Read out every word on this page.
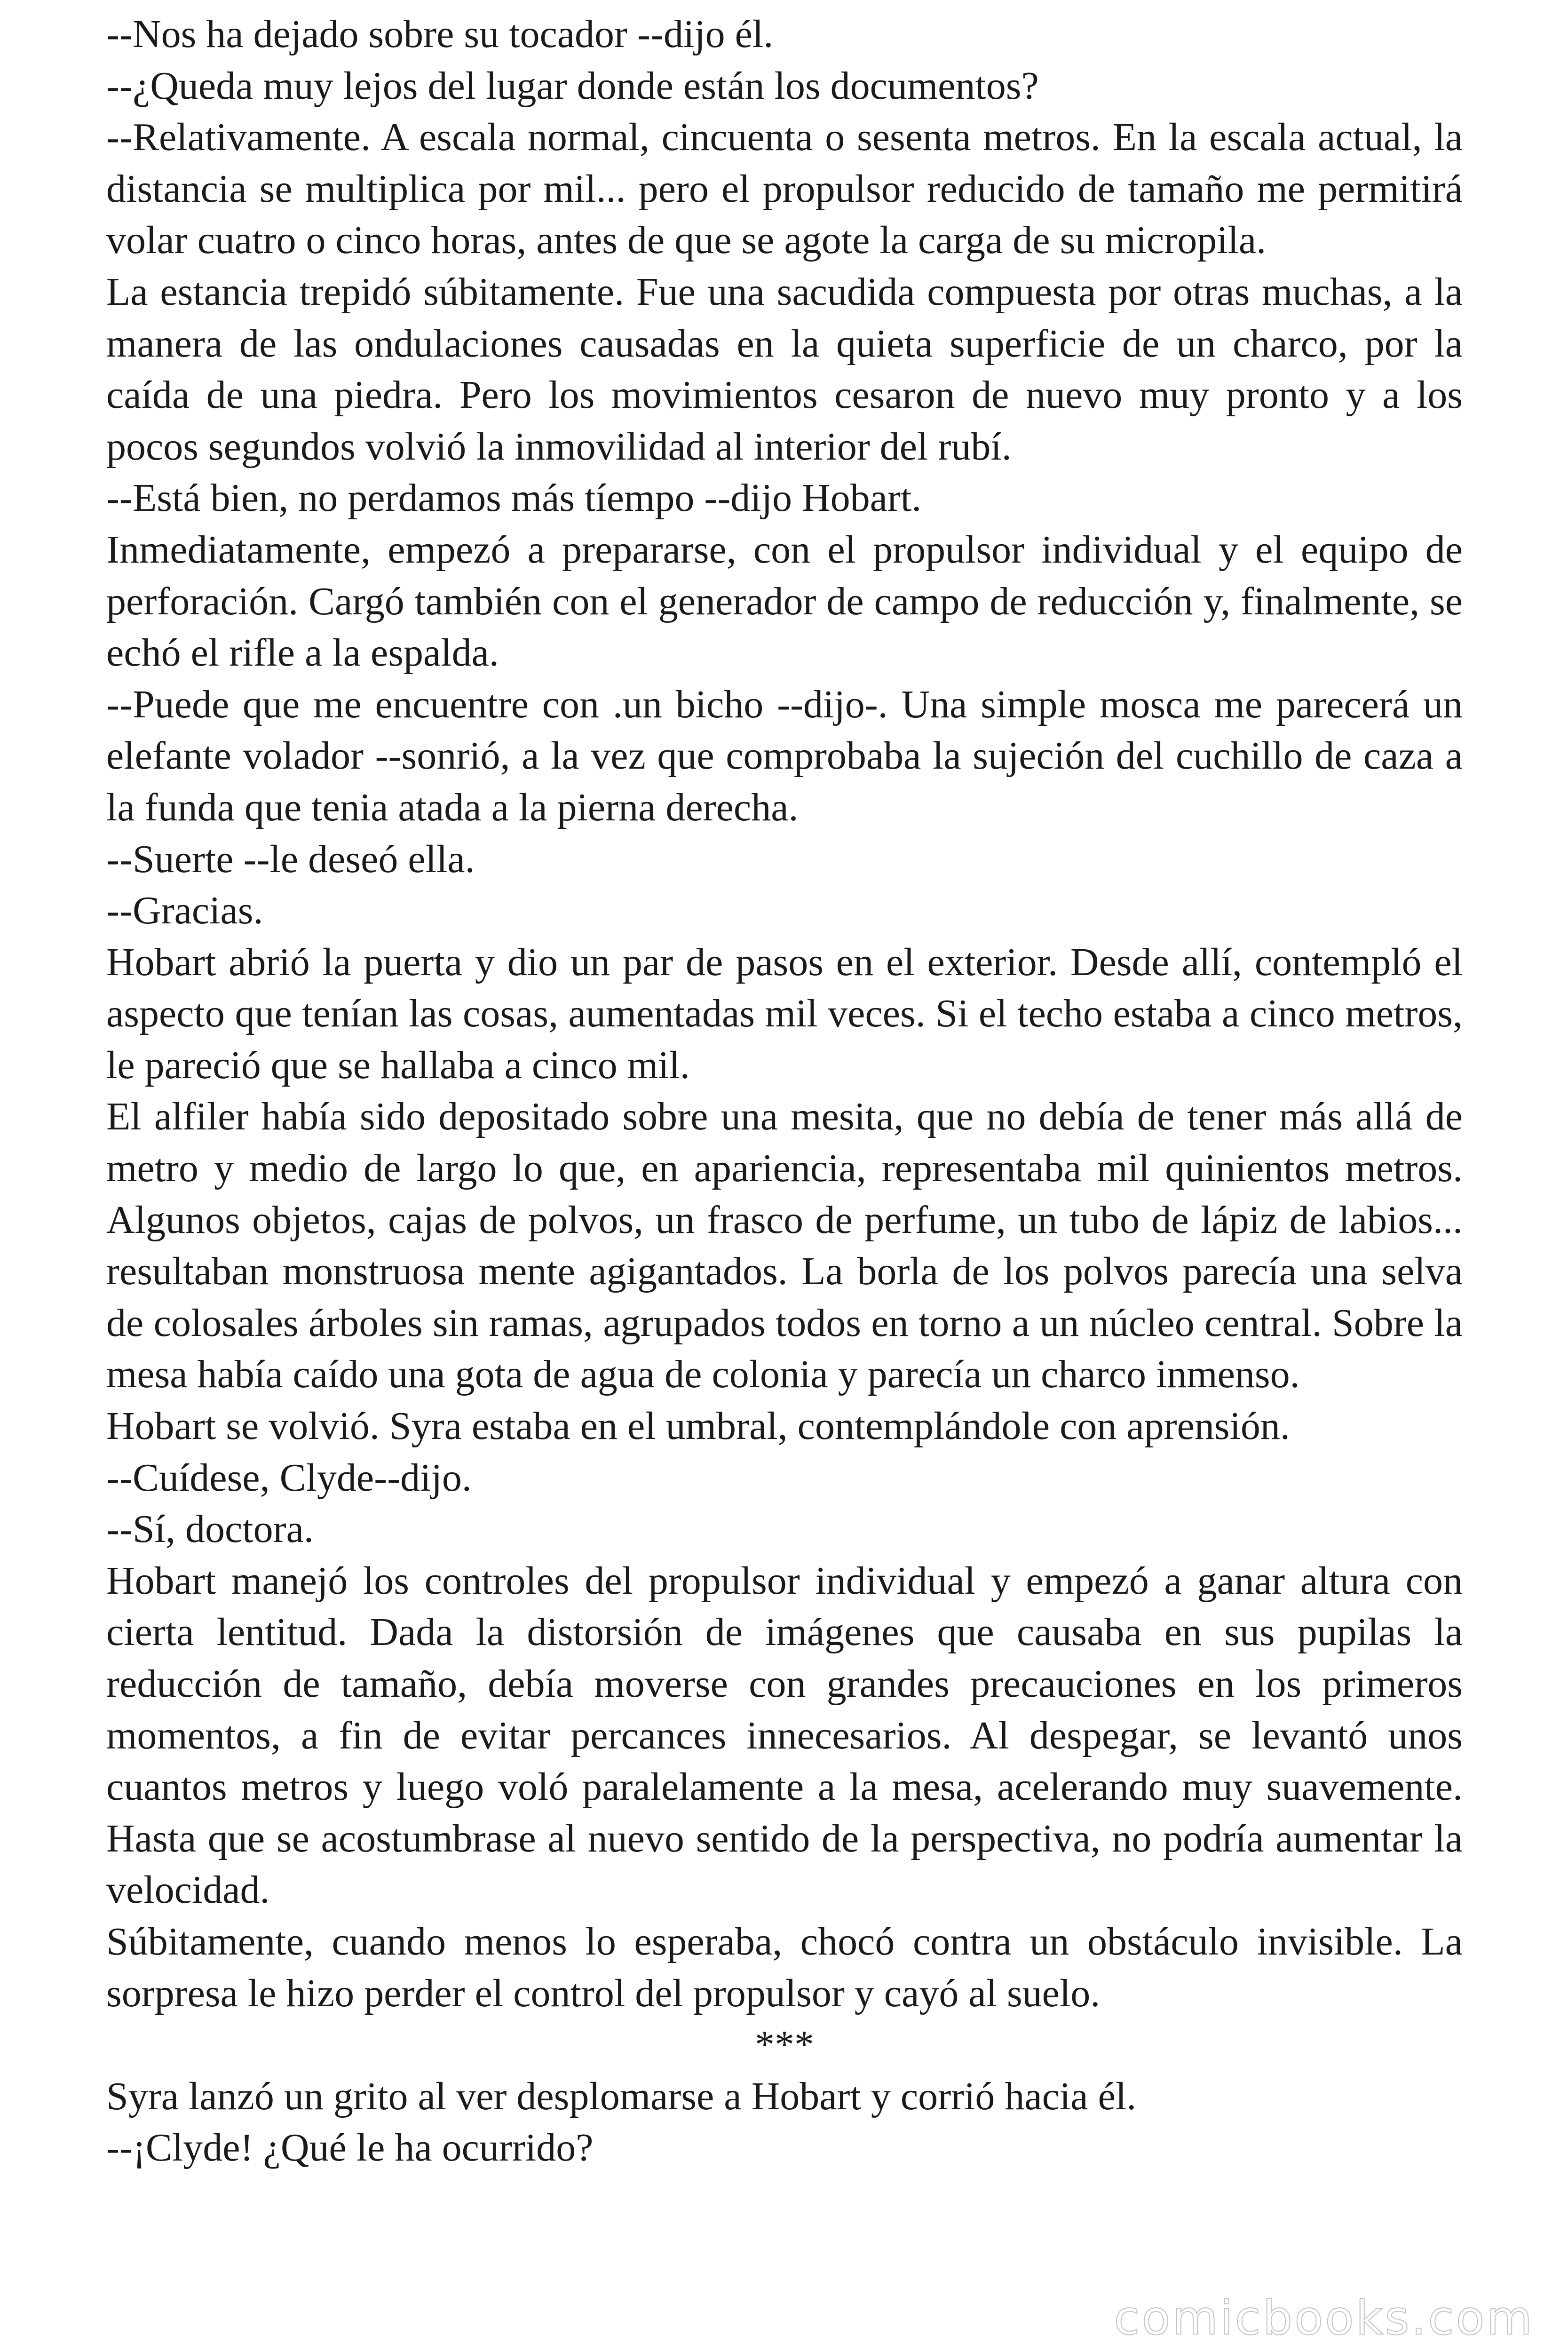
--Nos ha dejado sobre su tocador --dijo él.

--¿Queda muy lejos del lugar donde están los documentos?

--Relativamente. A escala normal, cincuenta o sesenta metros. En la escala actual, la distancia se multiplica por mil... pero el propulsor reducido de tamaño me permitirá volar cuatro o cinco horas, antes de que se agote la carga de su micropila.

La estancia trepidó súbitamente. Fue una sacudida compuesta por otras muchas, a la manera de las ondulaciones causadas en la quieta superficie de un charco, por la caída de una piedra. Pero los movimientos cesaron de nuevo muy pronto y a los pocos segundos volvió la inmovilidad al interior del rubí.

--Está bien, no perdamos más tíempo --dijo Hobart.

Inmediatamente, empezó a prepararse, con el propulsor individual y el equipo de perforación. Cargó también con el generador de campo de reducción y, finalmente, se echó el rifle a la espalda.

--Puede que me encuentre con .un bicho --dijo-. Una simple mosca me parecerá un elefante volador --sonrió, a la vez que comprobaba la sujeción del cuchillo de caza a la funda que tenia atada a la pierna derecha.

--Suerte --le deseó ella.

--Gracias.

Hobart abrió la puerta y dio un par de pasos en el exterior. Desde allí, contempló el aspecto que tenían las cosas, aumentadas mil veces. Si el techo estaba a cinco metros, le pareció que se hallaba a cinco mil.

El alfiler había sido depositado sobre una mesita, que no debía de tener más allá de metro y medio de largo lo que, en apariencia, representaba mil quinientos metros. Algunos objetos, cajas de polvos, un frasco de perfume, un tubo de lápiz de labios... resultaban monstruosa mente agigantados. La borla de los polvos parecía una selva de colosales árboles sin ramas, agrupados todos en torno a un núcleo central. Sobre la mesa había caído una gota de agua de colonia y parecía un charco inmenso.

Hobart se volvió. Syra estaba en el umbral, contemplándole con aprensión.

--Cuídese, Clyde--dijo.

--Sí, doctora.

Hobart manejó los controles del propulsor individual y empezó a ganar altura con cierta lentitud. Dada la distorsión de imágenes que causaba en sus pupilas la reducción de tamaño, debía moverse con grandes precauciones en los primeros momentos, a fin de evitar percances innecesarios. Al despegar, se levantó unos cuantos metros y luego voló paralelamente a la mesa, acelerando muy suavemente. Hasta que se acostumbrase al nuevo sentido de la perspectiva, no podría aumentar la velocidad.

Súbitamente, cuando menos lo esperaba, chocó contra un obstáculo invisible. La sorpresa le hizo perder el control del propulsor y cayó al suelo.

***

Syra lanzó un grito al ver desplomarse a Hobart y corrió hacia él.

--¡Clyde! ¿Qué le ha ocurrido?

comicbooks.com
